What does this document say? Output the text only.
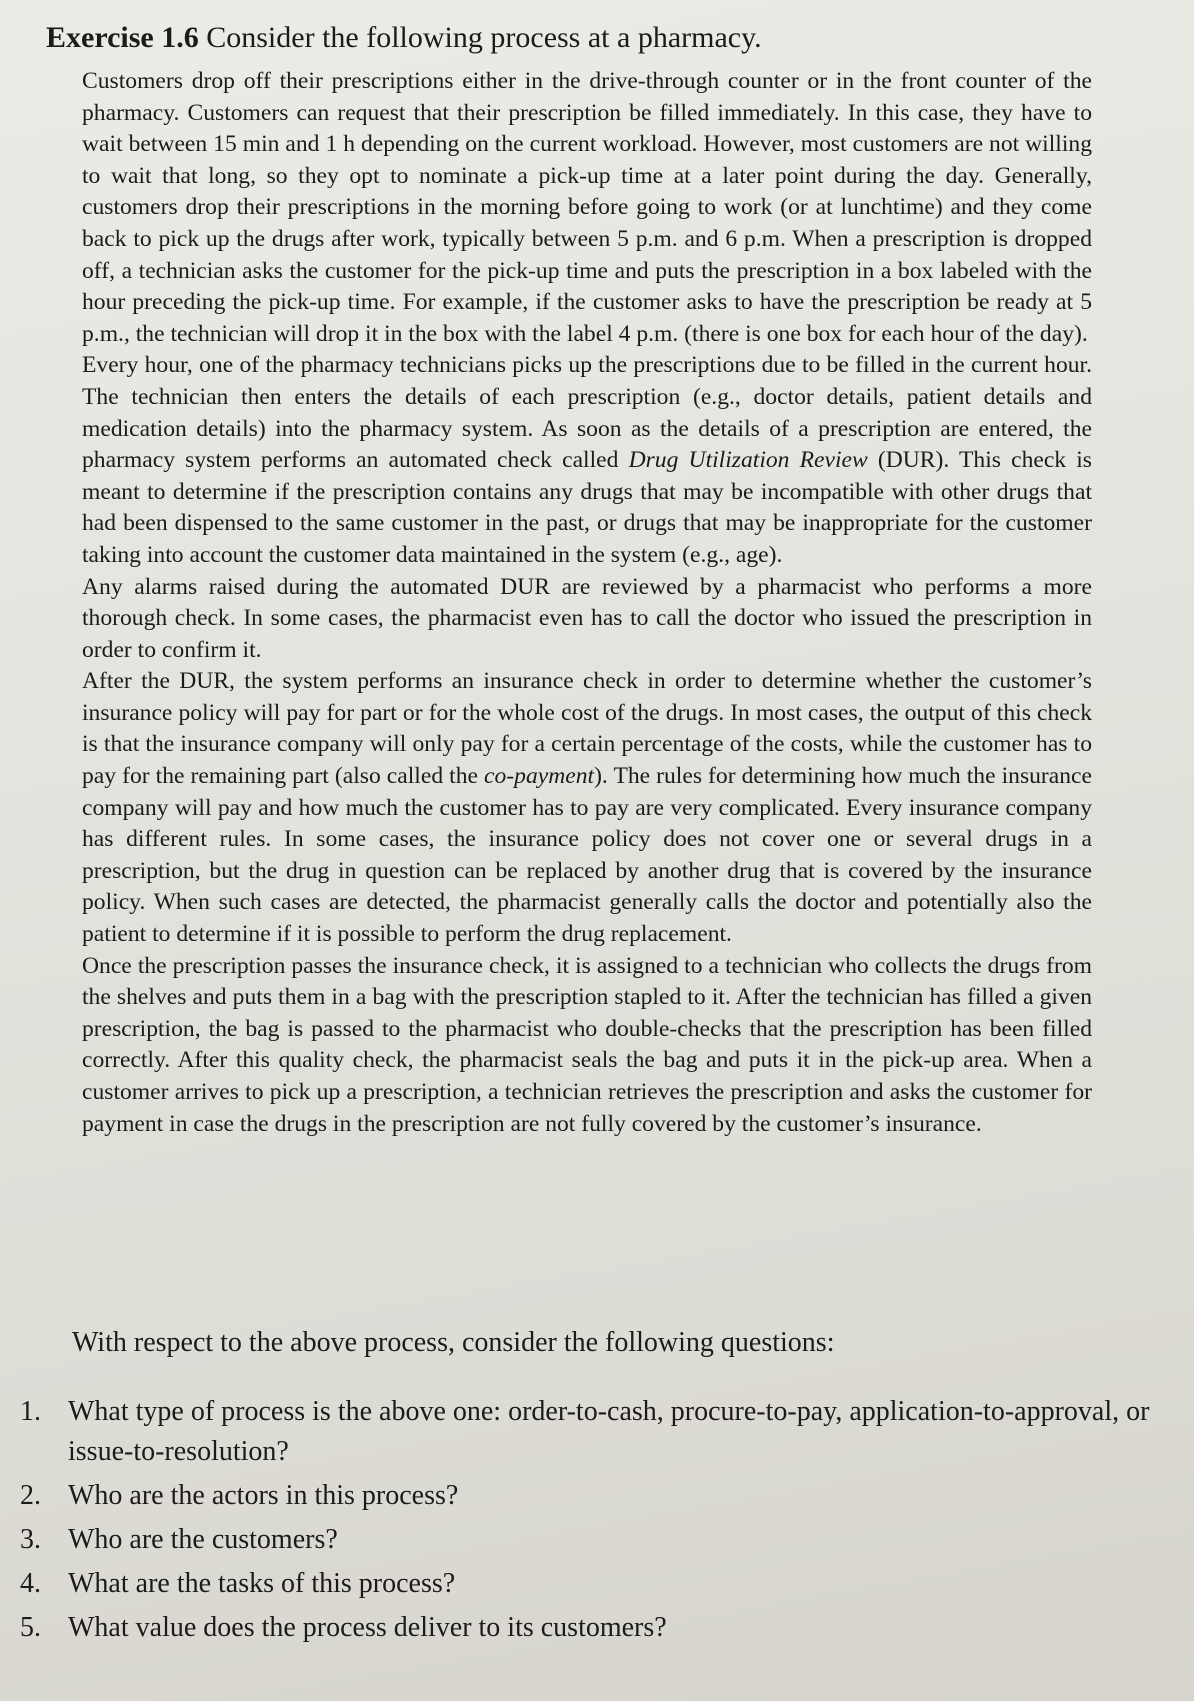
Exercise 1.6 Consider the following process at a pharmacy.

Customers drop off their prescriptions either in the drive-through counter or in the front counter of the pharmacy. Customers can request that their prescription be filled immediately. In this case, they have to wait between 15 min and 1 h depending on the current workload. However, most customers are not willing to wait that long, so they opt to nominate a pick-up time at a later point during the day. Generally, customers drop their prescriptions in the morning before going to work (or at lunchtime) and they come back to pick up the drugs after work, typically between 5 p.m. and 6 p.m. When a prescription is dropped off, a technician asks the customer for the pick-up time and puts the prescription in a box labeled with the hour preceding the pick-up time. For example, if the customer asks to have the prescription be ready at 5 p.m., the technician will drop it in the box with the label 4 p.m. (there is one box for each hour of the day).

Every hour, one of the pharmacy technicians picks up the prescriptions due to be filled in the current hour. The technician then enters the details of each prescription (e.g., doctor details, patient details and medication details) into the pharmacy system. As soon as the details of a prescription are entered, the pharmacy system performs an automated check called Drug Utilization Review (DUR). This check is meant to determine if the prescription contains any drugs that may be incompatible with other drugs that had been dispensed to the same customer in the past, or drugs that may be inappropriate for the customer taking into account the customer data maintained in the system (e.g., age).

Any alarms raised during the automated DUR are reviewed by a pharmacist who performs a more thorough check. In some cases, the pharmacist even has to call the doctor who issued the prescription in order to confirm it.

After the DUR, the system performs an insurance check in order to determine whether the customer’s insurance policy will pay for part or for the whole cost of the drugs. In most cases, the output of this check is that the insurance company will only pay for a certain percentage of the costs, while the customer has to pay for the remaining part (also called the co-payment). The rules for determining how much the insurance company will pay and how much the customer has to pay are very complicated. Every insurance company has different rules. In some cases, the insurance policy does not cover one or several drugs in a prescription, but the drug in question can be replaced by another drug that is covered by the insurance policy. When such cases are detected, the pharmacist generally calls the doctor and potentially also the patient to determine if it is possible to perform the drug replacement.

Once the prescription passes the insurance check, it is assigned to a technician who collects the drugs from the shelves and puts them in a bag with the prescription stapled to it. After the technician has filled a given prescription, the bag is passed to the pharmacist who double-checks that the prescription has been filled correctly. After this quality check, the pharmacist seals the bag and puts it in the pick-up area. When a customer arrives to pick up a prescription, a technician retrieves the prescription and asks the customer for payment in case the drugs in the prescription are not fully covered by the customer’s insurance.

With respect to the above process, consider the following questions:
1. What type of process is the above one: order-to-cash, procure-to-pay, application-to-approval, or issue-to-resolution?
2. Who are the actors in this process?
3. Who are the customers?
4. What are the tasks of this process?
5. What value does the process deliver to its customers?
